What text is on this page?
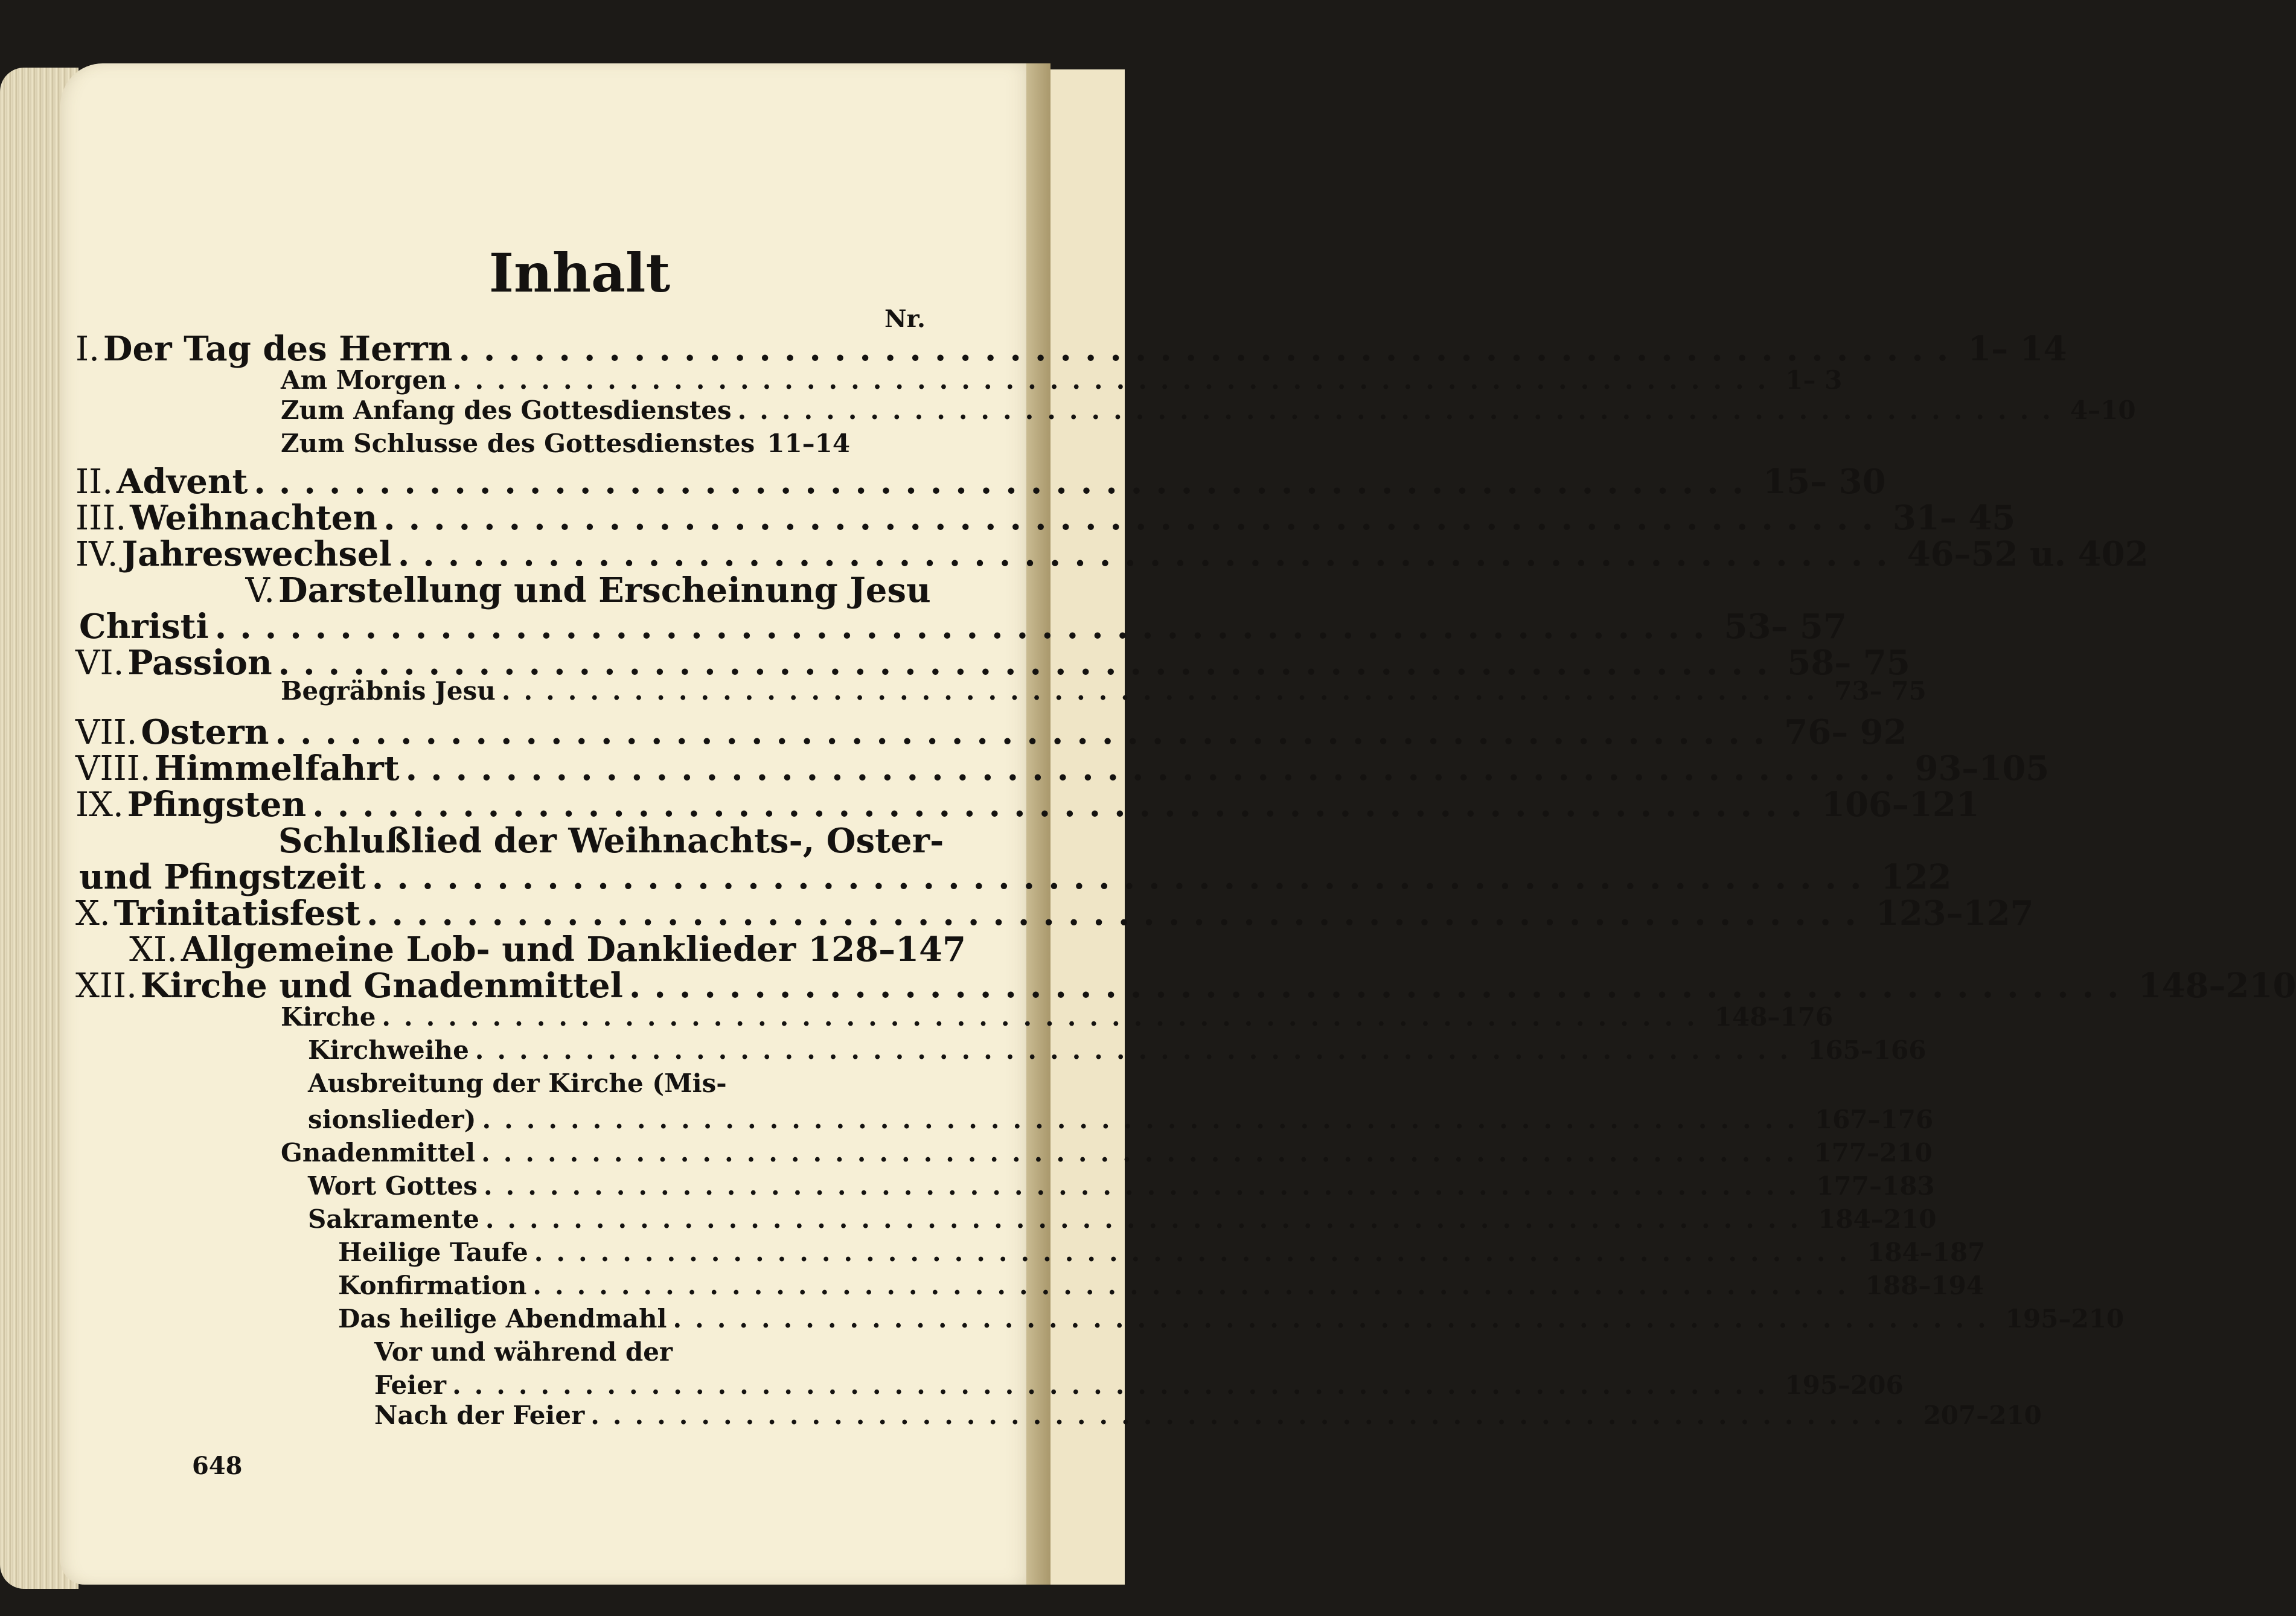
Inhalt
I. Der Tag des Herrn ............................................................ 1– 14
Am Morgen ............................................................ 1– 3
Zum Anfang des Gottesdienstes ............................................................ 4–10
Zum Schlusse des Gottesdienstes 11–14
II. Advent ............................................................ 15– 30
III. Weihnachten ............................................................ 31– 45
IV. Jahreswechsel ............................................................ 46–52 u. 402
V. Darstellung und Erscheinung Jesu
Christi ............................................................ 53– 57
VI. Passion ............................................................ 58– 75
Begräbnis Jesu ............................................................ 73– 75
VII. Ostern ............................................................ 76– 92
VIII. Himmelfahrt ............................................................ 93–105
IX. Pfingsten ............................................................ 106–121
Schlußlied der Weihnachts-, Oster-
und Pfingstzeit ............................................................ 122
X. Trinitatisfest ............................................................ 123–127
XI. Allgemeine Lob- und Danklieder 128–147
XII. Kirche und Gnadenmittel ............................................................ 148–210
Kirche ............................................................ 148–176
Kirchweihe ............................................................ 165–166
Ausbreitung der Kirche (Mis-
sionslieder) ............................................................ 167–176
Gnadenmittel ............................................................ 177–210
Wort Gottes ............................................................ 177–183
Sakramente ............................................................ 184–210
Heilige Taufe ............................................................ 184–187
Konfirmation ............................................................ 188–194
Das heilige Abendmahl ............................................................ 195–210
Vor und während der
Feier ............................................................ 195–206
Nach der Feier ............................................................ 207–210
648
